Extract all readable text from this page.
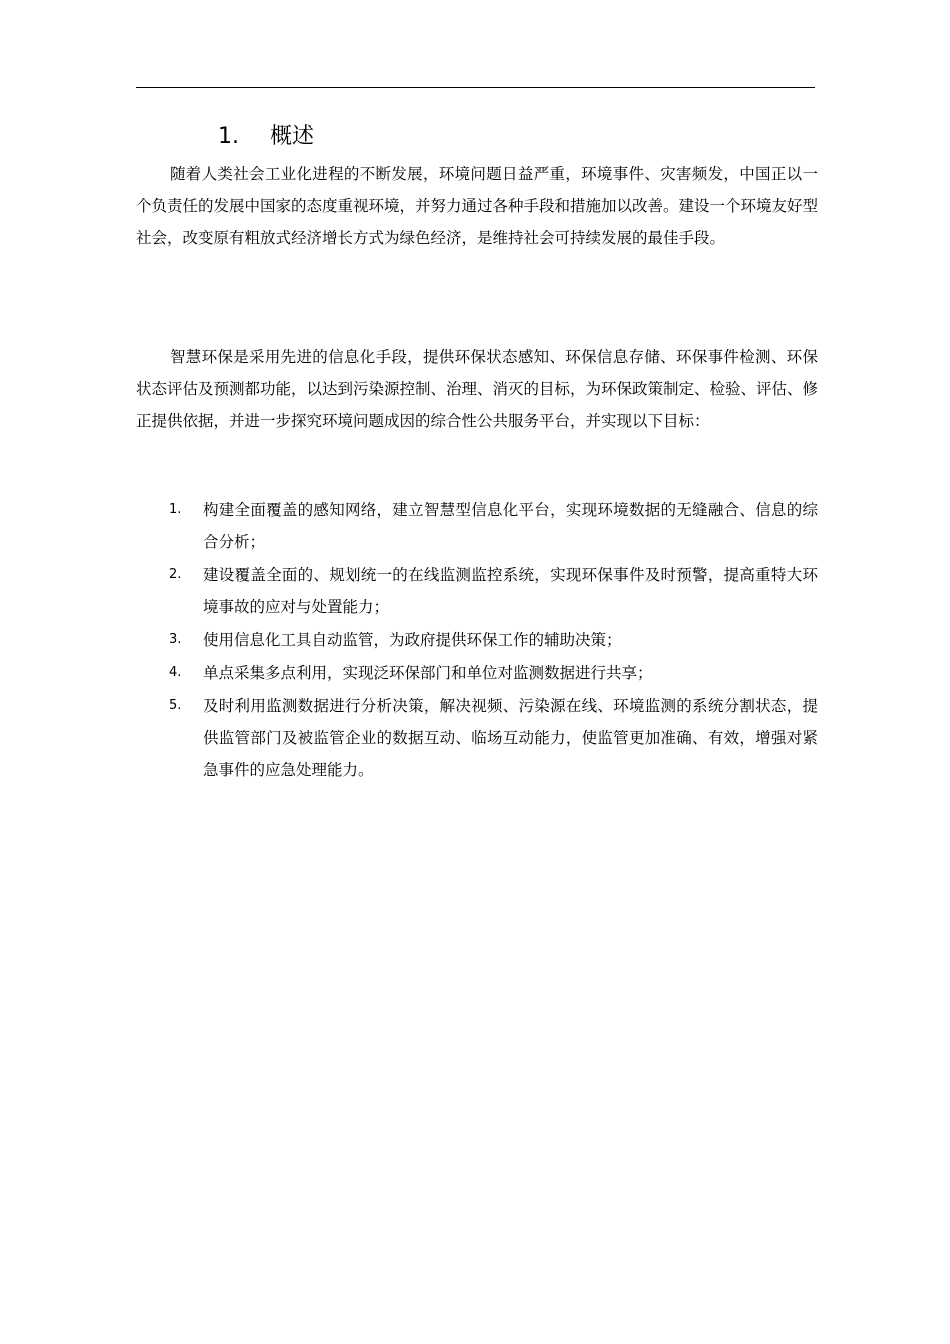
1. 概述

随着人类社会工业化进程的不断发展，环境问题日益严重，环境事件、灾害频发，中国正以一个负责任的发展中国家的态度重视环境，并努力通过各种手段和措施加以改善。建设一个环境友好型社会，改变原有粗放式经济增长方式为绿色经济，是维持社会可持续发展的最佳手段。

智慧环保是采用先进的信息化手段，提供环保状态感知、环保信息存储、环保事件检测、环保状态评估及预测都功能，以达到污染源控制、治理、消灭的目标，为环保政策制定、检验、评估、修正提供依据，并进一步探究环境问题成因的综合性公共服务平台，并实现以下目标：

1. 构建全面覆盖的感知网络，建立智慧型信息化平台，实现环境数据的无缝融合、信息的综合分析；
2. 建设覆盖全面的、规划统一的在线监测监控系统，实现环保事件及时预警，提高重特大环境事故的应对与处置能力；
3. 使用信息化工具自动监管，为政府提供环保工作的辅助决策；
4. 单点采集多点利用，实现泛环保部门和单位对监测数据进行共享；
5. 及时利用监测数据进行分析决策，解决视频、污染源在线、环境监测的系统分割状态，提供监管部门及被监管企业的数据互动、临场互动能力，使监管更加准确、有效，增强对紧急事件的应急处理能力。
